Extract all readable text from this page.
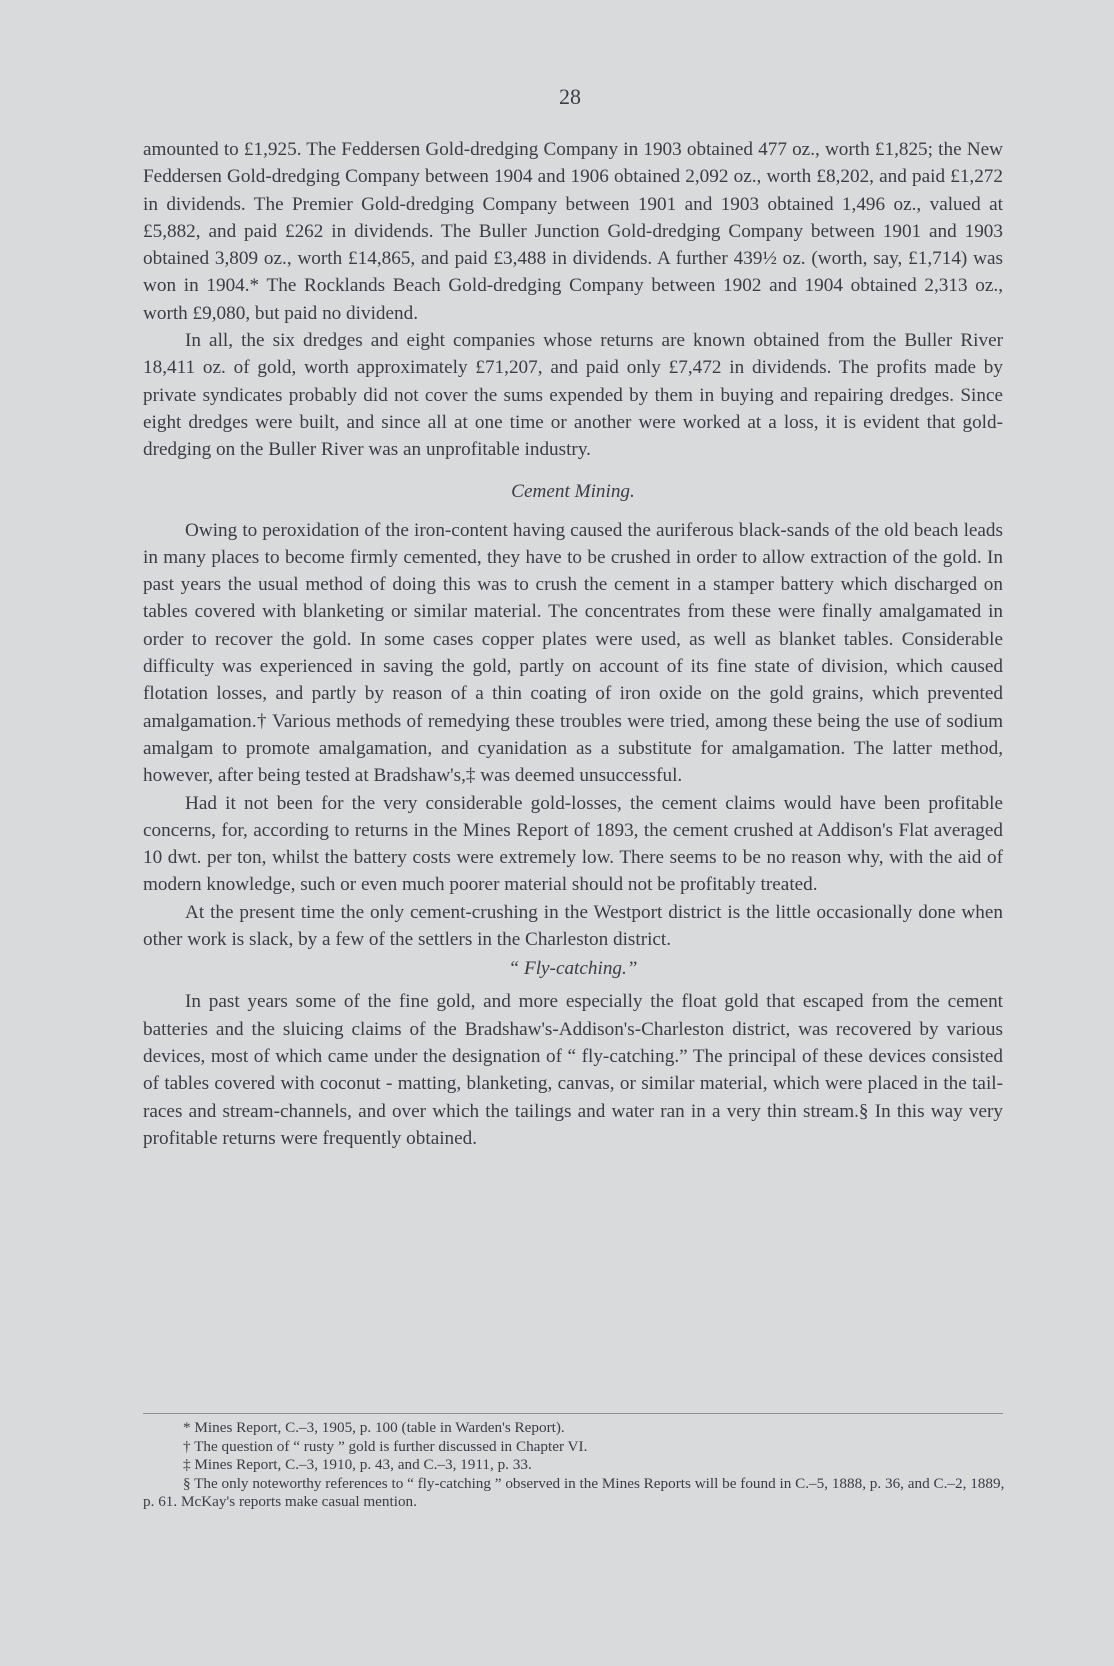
28

amounted to £1,925. The Feddersen Gold-dredging Company in 1903 obtained 477 oz., worth £1,825; the New Feddersen Gold-dredging Company between 1904 and 1906 obtained 2,092 oz., worth £8,202, and paid £1,272 in dividends. The Premier Gold-dredging Company between 1901 and 1903 obtained 1,496 oz., valued at £5,882, and paid £262 in dividends. The Buller Junction Gold-dredging Company between 1901 and 1903 obtained 3,809 oz., worth £14,865, and paid £3,488 in dividends. A further 439½ oz. (worth, say, £1,714) was won in 1904.* The Rocklands Beach Gold-dredging Company between 1902 and 1904 obtained 2,313 oz., worth £9,080, but paid no dividend.

In all, the six dredges and eight companies whose returns are known obtained from the Buller River 18,411 oz. of gold, worth approximately £71,207, and paid only £7,472 in dividends. The profits made by private syndicates probably did not cover the sums expended by them in buying and repairing dredges. Since eight dredges were built, and since all at one time or another were worked at a loss, it is evident that gold-dredging on the Buller River was an unprofitable industry.

Cement Mining.

Owing to peroxidation of the iron-content having caused the auriferous black-sands of the old beach leads in many places to become firmly cemented, they have to be crushed in order to allow extraction of the gold. In past years the usual method of doing this was to crush the cement in a stamper battery which discharged on tables covered with blanketing or similar material. The concentrates from these were finally amalgamated in order to recover the gold. In some cases copper plates were used, as well as blanket tables. Considerable difficulty was experienced in saving the gold, partly on account of its fine state of division, which caused flotation losses, and partly by reason of a thin coating of iron oxide on the gold grains, which prevented amalgamation.† Various methods of remedying these troubles were tried, among these being the use of sodium amalgam to promote amalgamation, and cyanidation as a substitute for amalgamation. The latter method, however, after being tested at Bradshaw's,‡ was deemed unsuccessful.

Had it not been for the very considerable gold-losses, the cement claims would have been profitable concerns, for, according to returns in the Mines Report of 1893, the cement crushed at Addison's Flat averaged 10 dwt. per ton, whilst the battery costs were extremely low. There seems to be no reason why, with the aid of modern knowledge, such or even much poorer material should not be profitably treated.

At the present time the only cement-crushing in the Westport district is the little occasionally done when other work is slack, by a few of the settlers in the Charleston district.

“ Fly-catching.”

In past years some of the fine gold, and more especially the float gold that escaped from the cement batteries and the sluicing claims of the Bradshaw's-Addison's-Charleston district, was recovered by various devices, most of which came under the designation of “ fly-catching.” The principal of these devices consisted of tables covered with coconut - matting, blanketing, canvas, or similar material, which were placed in the tail-races and stream-channels, and over which the tailings and water ran in a very thin stream.§ In this way very profitable returns were frequently obtained.

* Mines Report, C.–3, 1905, p. 100 (table in Warden's Report).

† The question of “ rusty ” gold is further discussed in Chapter VI.

‡ Mines Report, C.–3, 1910, p. 43, and C.–3, 1911, p. 33.

§ The only noteworthy references to “ fly-catching ” observed in the Mines Reports will be found in C.–5, 1888, p. 36, and C.–2, 1889, p. 61. McKay's reports make casual mention.
